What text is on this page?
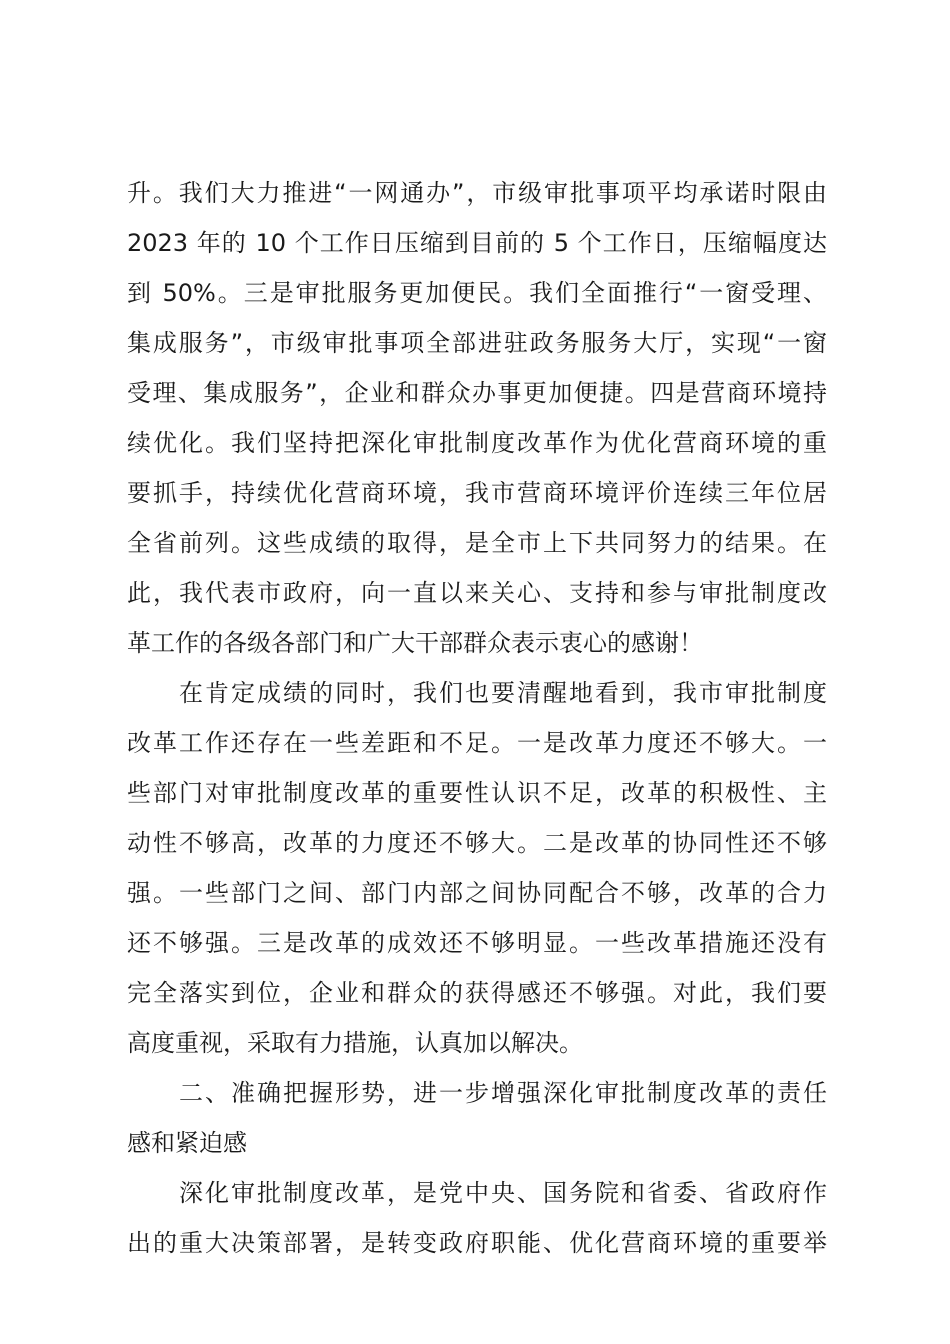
升。我们大力推进“一网通办”，市级审批事项平均承诺时限由
2023 年的 10 个工作日压缩到目前的 5 个工作日，压缩幅度达
到 50%。三是审批服务更加便民。我们全面推行“一窗受理、
集成服务”，市级审批事项全部进驻政务服务大厅，实现“一窗
受理、集成服务”，企业和群众办事更加便捷。四是营商环境持
续优化。我们坚持把深化审批制度改革作为优化营商环境的重
要抓手，持续优化营商环境，我市营商环境评价连续三年位居
全省前列。这些成绩的取得，是全市上下共同努力的结果。在
此，我代表市政府，向一直以来关心、支持和参与审批制度改
革工作的各级各部门和广大干部群众表示衷心的感谢！
在肯定成绩的同时，我们也要清醒地看到，我市审批制度
改革工作还存在一些差距和不足。一是改革力度还不够大。一
些部门对审批制度改革的重要性认识不足，改革的积极性、主
动性不够高，改革的力度还不够大。二是改革的协同性还不够
强。一些部门之间、部门内部之间协同配合不够，改革的合力
还不够强。三是改革的成效还不够明显。一些改革措施还没有
完全落实到位，企业和群众的获得感还不够强。对此，我们要
高度重视，采取有力措施，认真加以解决。
二、准确把握形势，进一步增强深化审批制度改革的责任
感和紧迫感
深化审批制度改革，是党中央、国务院和省委、省政府作
出的重大决策部署，是转变政府职能、优化营商环境的重要举
